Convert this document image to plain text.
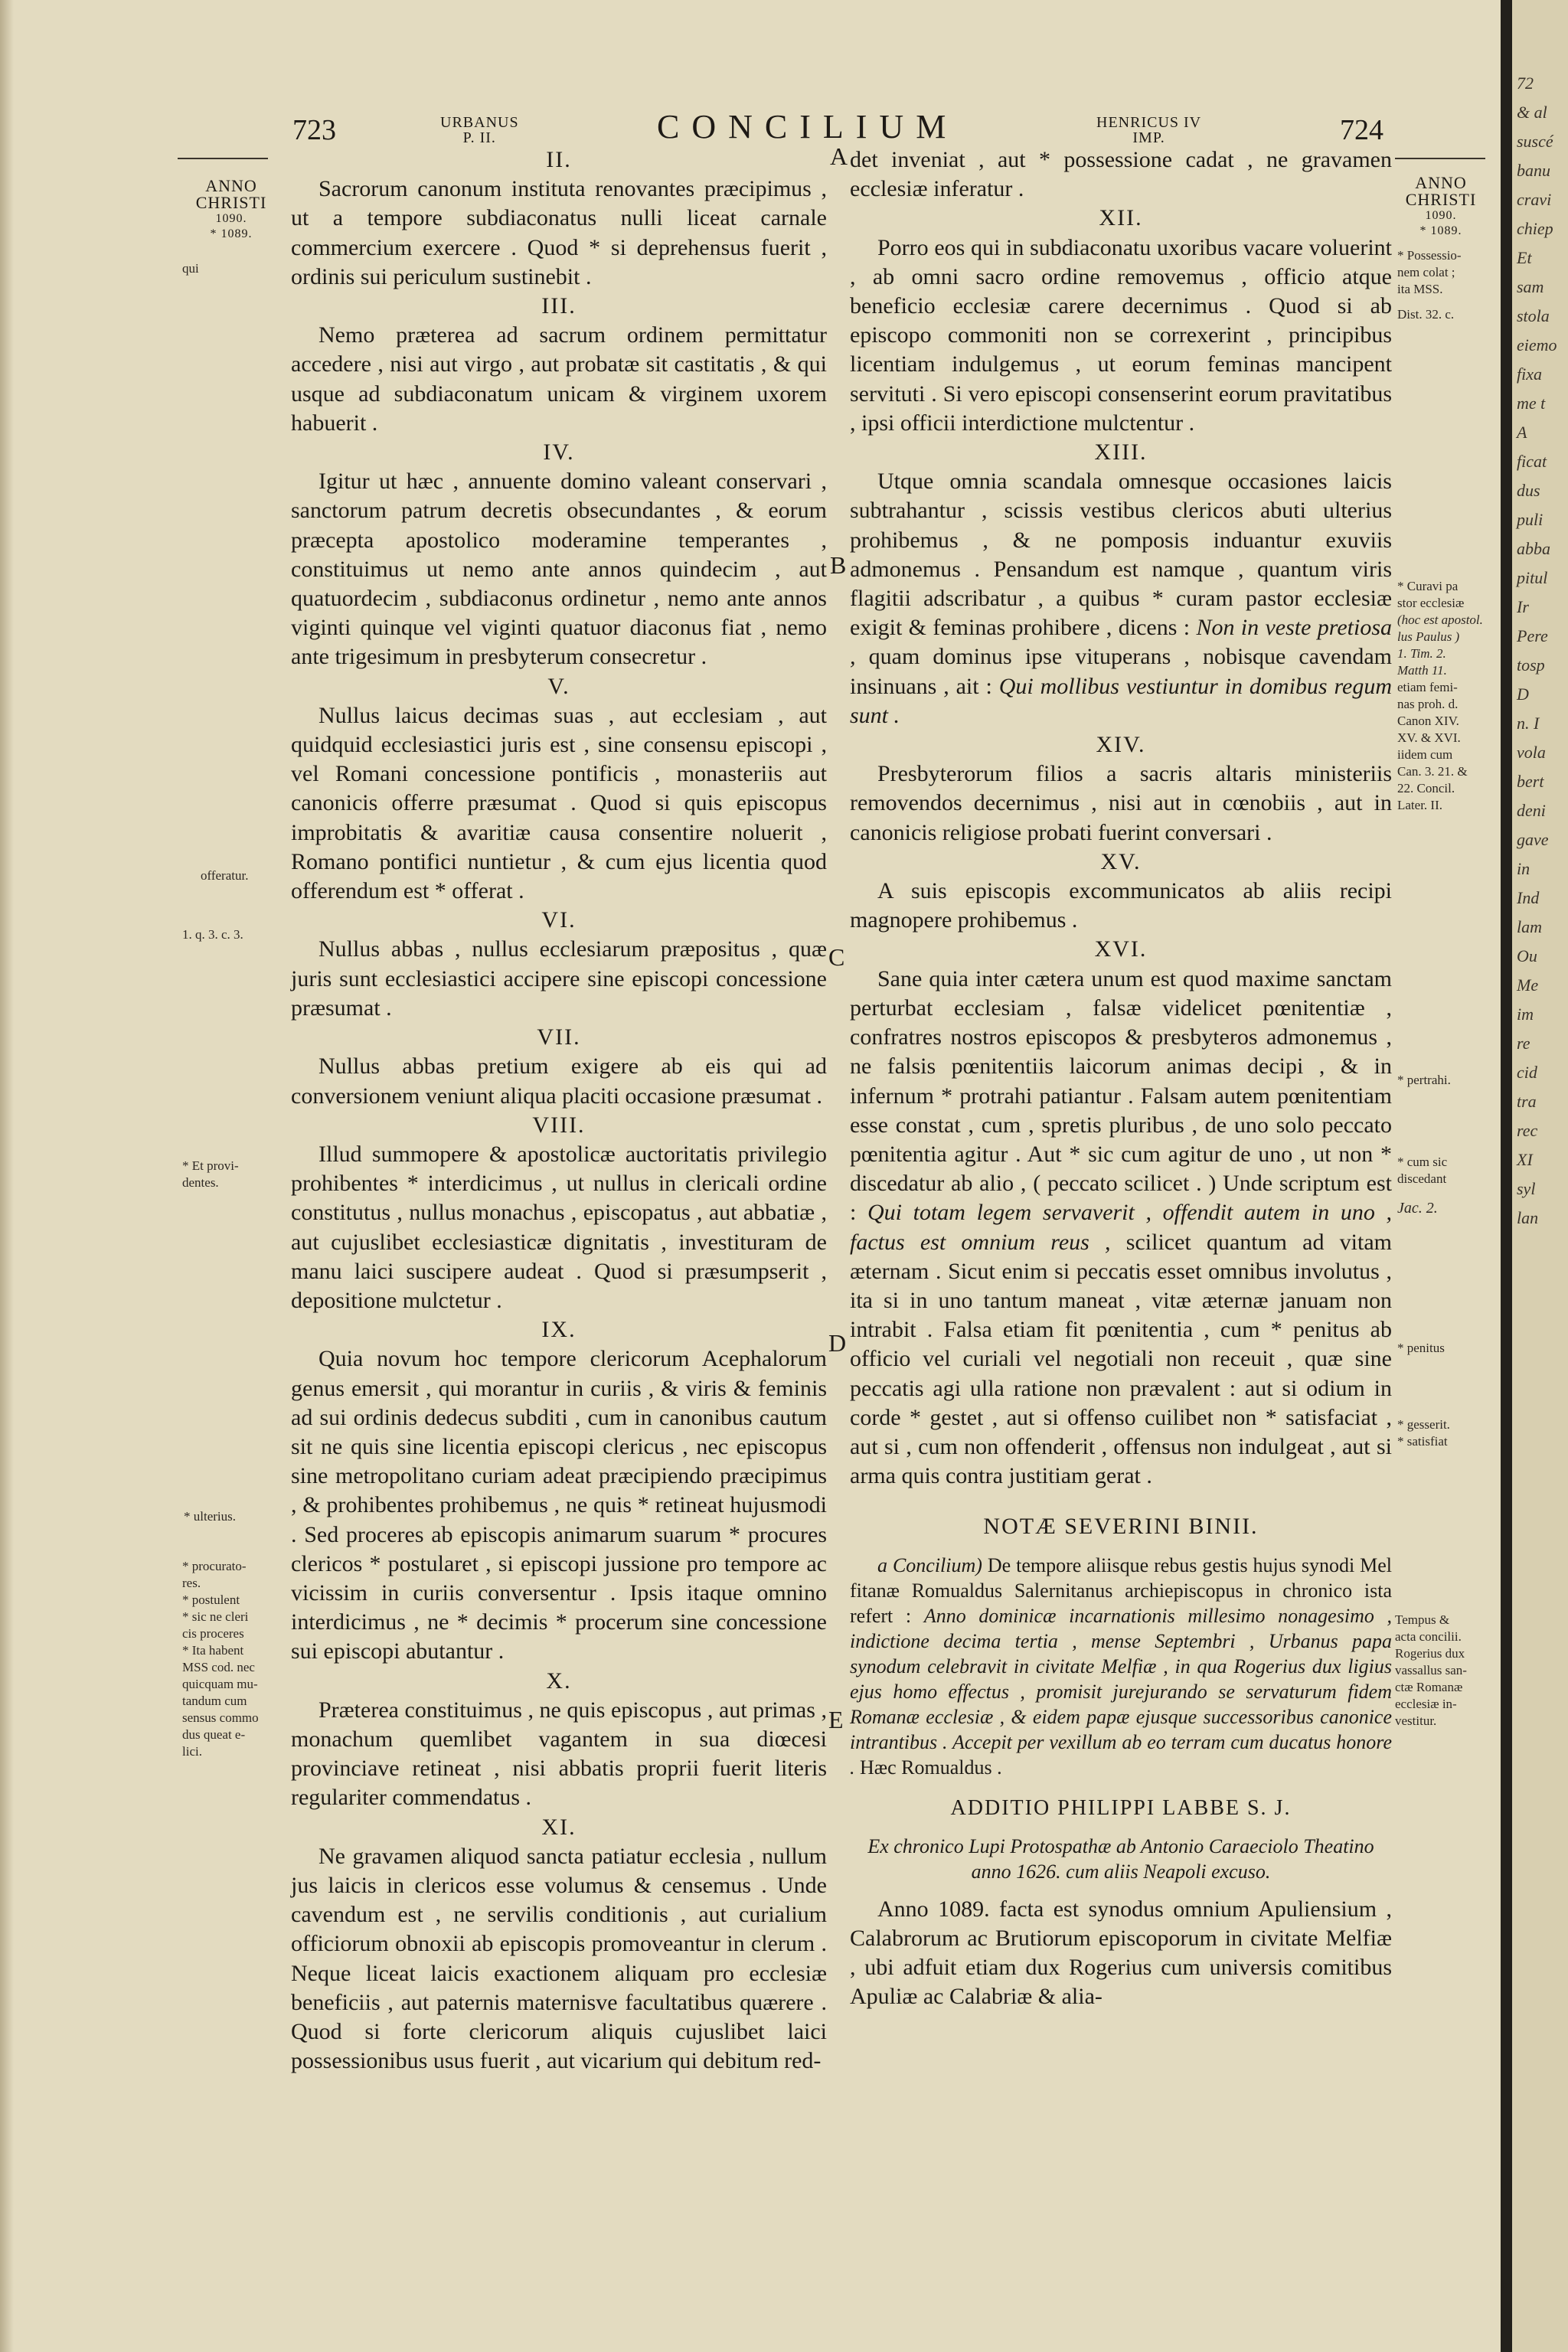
723	URBANUS
P. II.	CONCILIUM	HENRICUS IV
IMP.	724
ANNO
CHRISTI
1090.
* 1089.
qui
offeratur.
1. q. 3. c. 3.
* Et provi-
dentes.
* ulterius.
* procurato-
res.
* postulent
* sic ne cleri
cis proceres
* Ita habent
MSS cod. nec
quicquam mu-
tandum cum
sensus commo
dus queat e-
lici.
ANNO
CHRISTI
1090.
* 1089.
* Possessio-
nem colat ;
ita MSS.
Dist. 32. c.
* Curavi pa
stor ecclesiæ
(hoc est apostol.
lus Paulus )
1. Tim. 2.
Matth 11.
etiam femi-
nas proh. d.
Canon XIV.
XV. & XVI.
iidem cum
Can. 3. 21. &
22. Concil.
Later. II.
* pertrahi.
* cum sic
discedant
Jac. 2.
* penitus
* gesserit.
* satisfiat
Tempus &
acta concilii.
Rogerius dux
vassallus san-
ctæ Romanæ
ecclesiæ in-
vestitur.
A
B
C
D
E
II.

Sacrorum canonum instituta renovantes præcipimus , ut a tempore subdiaconatus nulli liceat carnale commercium exercere . Quod * si deprehensus fuerit , ordinis sui periculum sustinebit .

III.

Nemo præterea ad sacrum ordinem permittatur accedere , nisi aut virgo , aut probatæ sit castitatis , & qui usque ad subdiaconatum unicam & virginem uxorem habuerit .

IV.

Igitur ut hæc , annuente domino valeant conservari , sanctorum patrum decretis obsecundantes , & eorum præcepta apostolico moderamine temperantes , constituimus ut nemo ante annos quindecim , aut quatuordecim , subdiaconus ordinetur , nemo ante annos viginti quinque vel viginti quatuor diaconus fiat , nemo ante trigesimum in presbyterum consecretur .

V.

Nullus laicus decimas suas , aut ecclesiam , aut quidquid ecclesiastici juris est , sine consensu episcopi , vel Romani concessione pontificis , monasteriis aut canonicis offerre præsumat . Quod si quis episcopus improbitatis & avaritiæ causa consentire noluerit , Romano pontifici nuntietur , & cum ejus licentia quod offerendum est * offerat .

VI.

Nullus abbas , nullus ecclesiarum præpositus , quæ juris sunt ecclesiastici accipere sine episcopi concessione præsumat .

VII.

Nullus abbas pretium exigere ab eis qui ad conversionem veniunt aliqua placiti occasione præsumat .

VIII.

Illud summopere & apostolicæ auctoritatis privilegio prohibentes * interdicimus , ut nullus in clericali ordine constitutus , nullus monachus , episcopatus , aut abbatiæ , aut cujuslibet ecclesiasticæ dignitatis , investituram de manu laici suscipere audeat . Quod si præsumpserit , depositione mulctetur .

IX.

Quia novum hoc tempore clericorum Acephalorum genus emersit , qui morantur in curiis , & viris & feminis ad sui ordinis dedecus subditi , cum in canonibus cautum sit ne quis sine licentia episcopi clericus , nec episcopus sine metropolitano curiam adeat præcipiendo præcipimus , & prohibentes prohibemus , ne quis * retineat hujusmodi . Sed proceres ab episcopis animarum suarum * procures clericos * postularet , si episcopi jussione pro tempore ac vicissim in curiis conversentur . Ipsis itaque omnino interdicimus , ne * decimis * procerum sine concessione sui episcopi abutantur .

X.

Præterea constituimus , ne quis episcopus , aut primas , monachum quemlibet vagantem in sua diœcesi provinciave retineat , nisi abbatis proprii fuerit literis regulariter commendatus .

XI.

Ne gravamen aliquod sancta patiatur ecclesia , nullum jus laicis in clericos esse volumus & censemus . Unde cavendum est , ne servilis conditionis , aut curialium officiorum obnoxii ab episcopis promoveantur in clerum . Neque liceat laicis exactionem aliquam pro ecclesiæ beneficiis , aut paternis maternisve facultatibus quærere . Quod si forte clericorum aliquis cujuslibet laici possessionibus usus fuerit , aut vicarium qui debitum red-

det inveniat , aut * possessione cadat , ne gravamen ecclesiæ inferatur .

XII.

Porro eos qui in subdiaconatu uxoribus vacare voluerint , ab omni sacro ordine removemus , officio atque beneficio ecclesiæ carere decernimus . Quod si ab episcopo commoniti non se correxerint , principibus licentiam indulgemus , ut eorum feminas mancipent servituti . Si vero episcopi consenserint eorum pravitatibus , ipsi officii interdictione mulctentur .

XIII.

Utque omnia scandala omnesque occasiones laicis subtrahantur , scissis vestibus clericos abuti ulterius prohibemus , & ne pomposis induantur exuviis admonemus . Pensandum est namque , quantum viris flagitii adscribatur , a quibus * curam pastor ecclesiæ exigit & feminas prohibere , dicens : Non in veste pretiosa , quam dominus ipse vituperans , nobisque cavendam insinuans , ait : Qui mollibus vestiuntur in domibus regum sunt .

XIV.

Presbyterorum filios a sacris altaris ministeriis removendos decernimus , nisi aut in cœnobiis , aut in canonicis religiose probati fuerint conversari .

XV.

A suis episcopis excommunicatos ab aliis recipi magnopere prohibemus .

XVI.

Sane quia inter cætera unum est quod maxime sanctam perturbat ecclesiam , falsæ videlicet pœnitentiæ , confratres nostros episcopos & presbyteros admonemus , ne falsis pœnitentiis laicorum animas decipi , & in infernum * protrahi patiantur . Falsam autem pœnitentiam esse constat , cum , spretis pluribus , de uno solo peccato pœnitentia agitur . Aut * sic cum agitur de uno , ut non * discedatur ab alio , ( peccato scilicet . ) Unde scriptum est : Qui totam legem servaverit , offendit autem in uno , factus est omnium reus , scilicet quantum ad vitam æternam . Sicut enim si peccatis esset omnibus involutus , ita si in uno tantum maneat , vitæ æternæ januam non intrabit . Falsa etiam fit pœnitentia , cum * penitus ab officio vel curiali vel negotiali non receuit , quæ sine peccatis agi ulla ratione non prævalent : aut si odium in corde * gestet , aut si offenso cuilibet non * satisfaciat , aut si , cum non offenderit , offensus non indulgeat , aut si arma quis contra justitiam gerat .

NOTÆ SEVERINI BINII.

a Concilium) De tempore aliisque rebus gestis hujus synodi Mel fitanæ Romualdus Salernitanus archiepiscopus in chronico ista refert : Anno dominicæ incarnationis millesimo nonagesimo , indictione decima tertia , mense Septembri , Urbanus papa synodum celebravit in civitate Melfiæ , in qua Rogerius dux ligius ejus homo effectus , promisit jurejurando se servaturum fidem Romanæ ecclesiæ , & eidem papæ ejusque successoribus canonice intrantibus . Accepit per vexillum ab eo terram cum ducatus honore . Hæc Romualdus .

ADDITIO PHILIPPI LABBE S. J.

Ex chronico Lupi Protospathæ ab Antonio Caraeciolo Theatino anno 1626. cum aliis Neapoli excuso.

Anno 1089. facta est synodus omnium Apuliensium , Calabrorum ac Brutiorum episcoporum in civitate Melfiæ , ubi adfuit etiam dux Rogerius cum universis comitibus Apuliæ ac Calabriæ & alia-

72
& al
suscé
banu
cravi
chiep
Et
sam
stola
eiemo
fixa
me t
A
ficat
dus
puli
abba
pitul
Ir
Pere
tosp
D
n. I
vola
bert
deni
gave
in
Ind
lam
Ou
Me
im
re
cid
tra
rec
XI
syl
lan
